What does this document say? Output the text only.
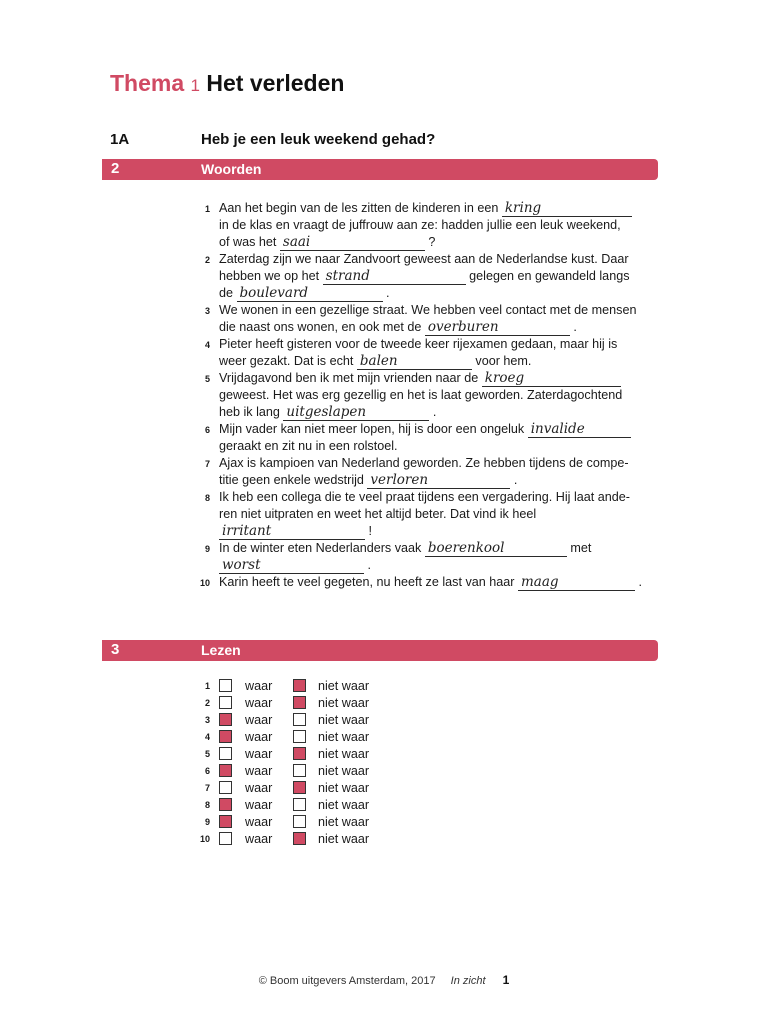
Thema 1 Het verleden
1A	Heb je een leuk weekend gehad?
2	Woorden
1 Aan het begin van de les zitten de kinderen in een kring
in de klas en vraagt de juffrouw aan ze: hadden jullie een leuk weekend,
of was het saai	?
2 Zaterdag zijn we naar Zandvoort geweest aan de Nederlandse kust. Daar
hebben we op het strand	gelegen en gewandeld langs
de boulevard	.
3 We wonen in een gezellige straat. We hebben veel contact met de mensen
die naast ons wonen, en ook met de overburen	.
4 Pieter heeft gisteren voor de tweede keer rijexamen gedaan, maar hij is
weer gezakt. Dat is echt balen	voor hem.
5 Vrijdagavond ben ik met mijn vrienden naar de kroeg
geweest. Het was erg gezellig en het is laat geworden. Zaterdagochtend
heb ik lang uitgeslapen	.
6 Mijn vader kan niet meer lopen, hij is door een ongeluk invalide
geraakt en zit nu in een rolstoel.
7 Ajax is kampioen van Nederland geworden. Ze hebben tijdens de compe-
titie geen enkele wedstrijd verloren	.
8 Ik heb een collega die te veel praat tijdens een vergadering. Hij laat ande-
ren niet uitpraten en weet het altijd beter. Dat vind ik heel
irritant	!
9 In de winter eten Nederlanders vaak boerenkool	met
worst	.
10 Karin heeft te veel gegeten, nu heeft ze last van haar maag	.
3	Lezen
1	waar	niet waar
2	waar	niet waar
3	waar	niet waar
4	waar	niet waar
5	waar	niet waar
6	waar	niet waar
7	waar	niet waar
8	waar	niet waar
9	waar	niet waar
10	waar	niet waar
© Boom uitgevers Amsterdam, 2017 In zicht 1
